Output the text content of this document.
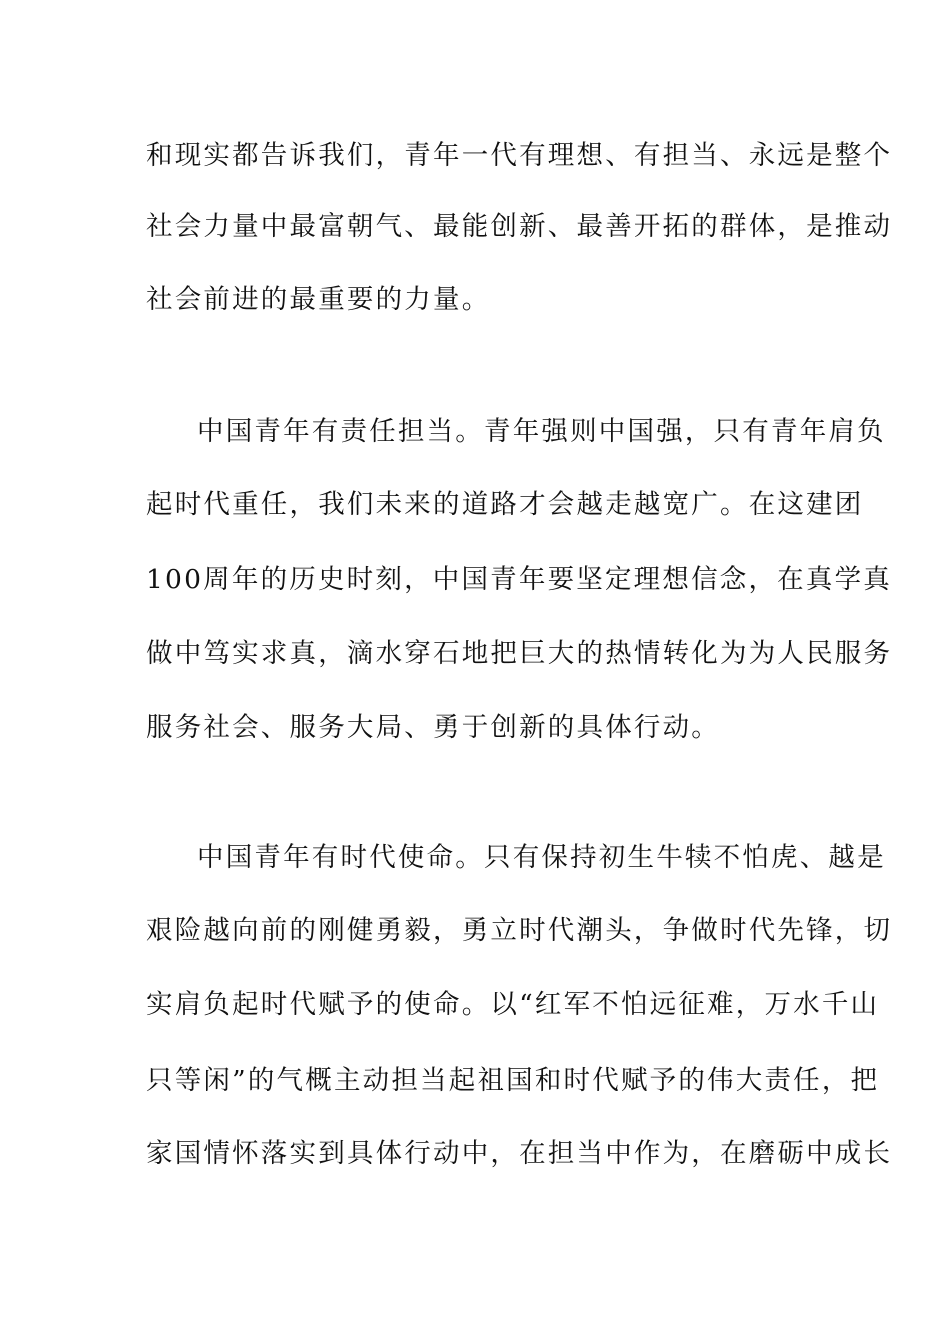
和现实都告诉我们，青年一代有理想、有担当、永远是整个
社会力量中最富朝气、最能创新、最善开拓的群体，是推动
社会前进的最重要的力量。
中国青年有责任担当。青年强则中国强，只有青年肩负
起时代重任，我们未来的道路才会越走越宽广。在这建团
100周年的历史时刻，中国青年要坚定理想信念，在真学真
做中笃实求真，滴水穿石地把巨大的热情转化为为人民服务
服务社会、服务大局、勇于创新的具体行动。
中国青年有时代使命。只有保持初生牛犊不怕虎、越是
艰险越向前的刚健勇毅，勇立时代潮头，争做时代先锋，切
实肩负起时代赋予的使命。以“红军不怕远征难，万水千山
只等闲”的气概主动担当起祖国和时代赋予的伟大责任，把
家国情怀落实到具体行动中，在担当中作为，在磨砺中成长
